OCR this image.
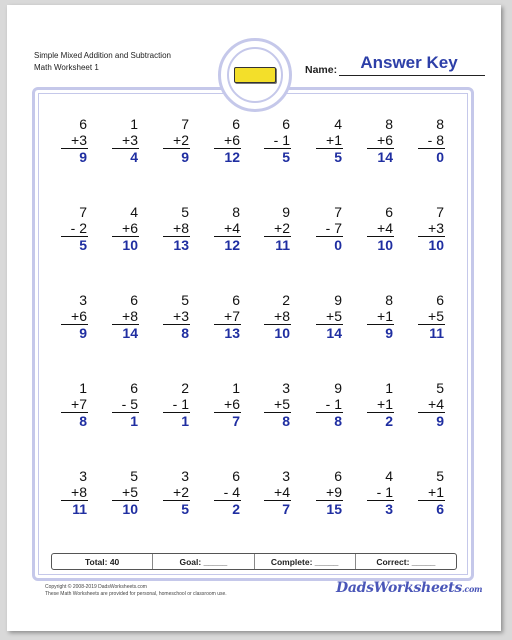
Simple Mixed Addition and Subtraction
Math Worksheet 1	Answer Key
Name:
6
+3
9
1
+3
4
7
+2
9
6
+6
12
6
- 1
5
4
+1
5
8
+6
14
8
- 8
0
7
- 2
5
4
+6
10
5
+8
13
8
+4
12
9
+2
11
7
- 7
0
6
+4
10
7
+3
10
3
+6
9
6
+8
14
5
+3
8
6
+7
13
2
+8
10
9
+5
14
8
+1
9
6
+5
11
1
+7
8
6
- 5
1
2
- 1
1
1
+6
7
3
+5
8
9
- 1
8
1
+1
2
5
+4
9
3
+8
11
5
+5
10
3
+2
5
6
- 4
2
3
+4
7
6
+9
15
4
- 1
3
5
+1
6
Total: 40	Goal: _____	Complete: _____	Correct: _____
Copyright © 2008-2019 DadsWorksheets.com
These Math Worksheets are provided for personal, homeschool or classroom use.	DadsWorksheets.com
